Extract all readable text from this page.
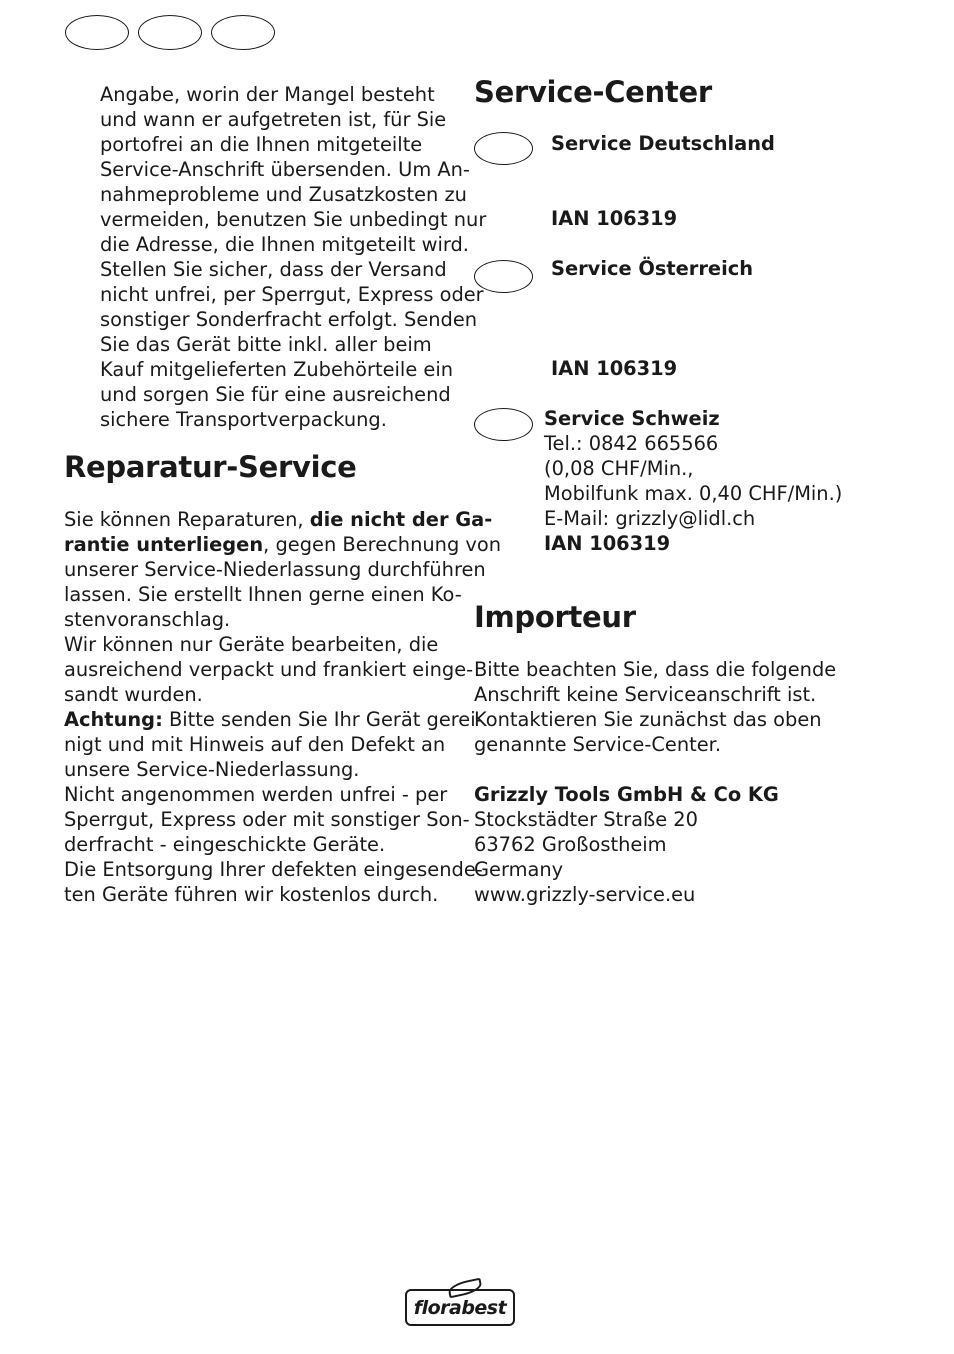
Angabe, worin der Mangel besteht
und wann er aufgetreten ist, für Sie
portofrei an die Ihnen mitgeteilte
Service-Anschrift übersenden. Um An-
nahmeprobleme und Zusatzkosten zu
vermeiden, benutzen Sie unbedingt nur
die Adresse, die Ihnen mitgeteilt wird.
Stellen Sie sicher, dass der Versand
nicht unfrei, per Sperrgut, Express oder
sonstiger Sonderfracht erfolgt. Senden
Sie das Gerät bitte inkl. aller beim
Kauf mitgelieferten Zubehörteile ein
und sorgen Sie für eine ausreichend
sichere Transportverpackung.
Reparatur-Service
Sie können Reparaturen, die nicht der Ga-
rantie unterliegen, gegen Berechnung von
unserer Service-Niederlassung durchführen
lassen. Sie erstellt Ihnen gerne einen Ko-
stenvoranschlag.
Wir können nur Geräte bearbeiten, die
ausreichend verpackt und frankiert einge-
sandt wurden.
Achtung: Bitte senden Sie Ihr Gerät gerei-
nigt und mit Hinweis auf den Defekt an
unsere Service-Niederlassung.
Nicht angenommen werden unfrei - per
Sperrgut, Express oder mit sonstiger Son-
derfracht - eingeschickte Geräte.
Die Entsorgung Ihrer defekten eingesende-
ten Geräte führen wir kostenlos durch.
Service-Center
Service Deutschland
IAN 106319
Service Österreich
IAN 106319
Service Schweiz
Tel.: 0842 665566
(0,08 CHF/Min.,
Mobilfunk max. 0,40 CHF/Min.)
E-Mail: grizzly@lidl.ch
IAN 106319
Importeur
Bitte beachten Sie, dass die folgende
Anschrift keine Serviceanschrift ist.
Kontaktieren Sie zunächst das oben
genannte Service-Center.
Grizzly Tools GmbH & Co KG
Stockstädter Straße 20
63762 Großostheim
Germany
www.grizzly-service.eu
florabest
